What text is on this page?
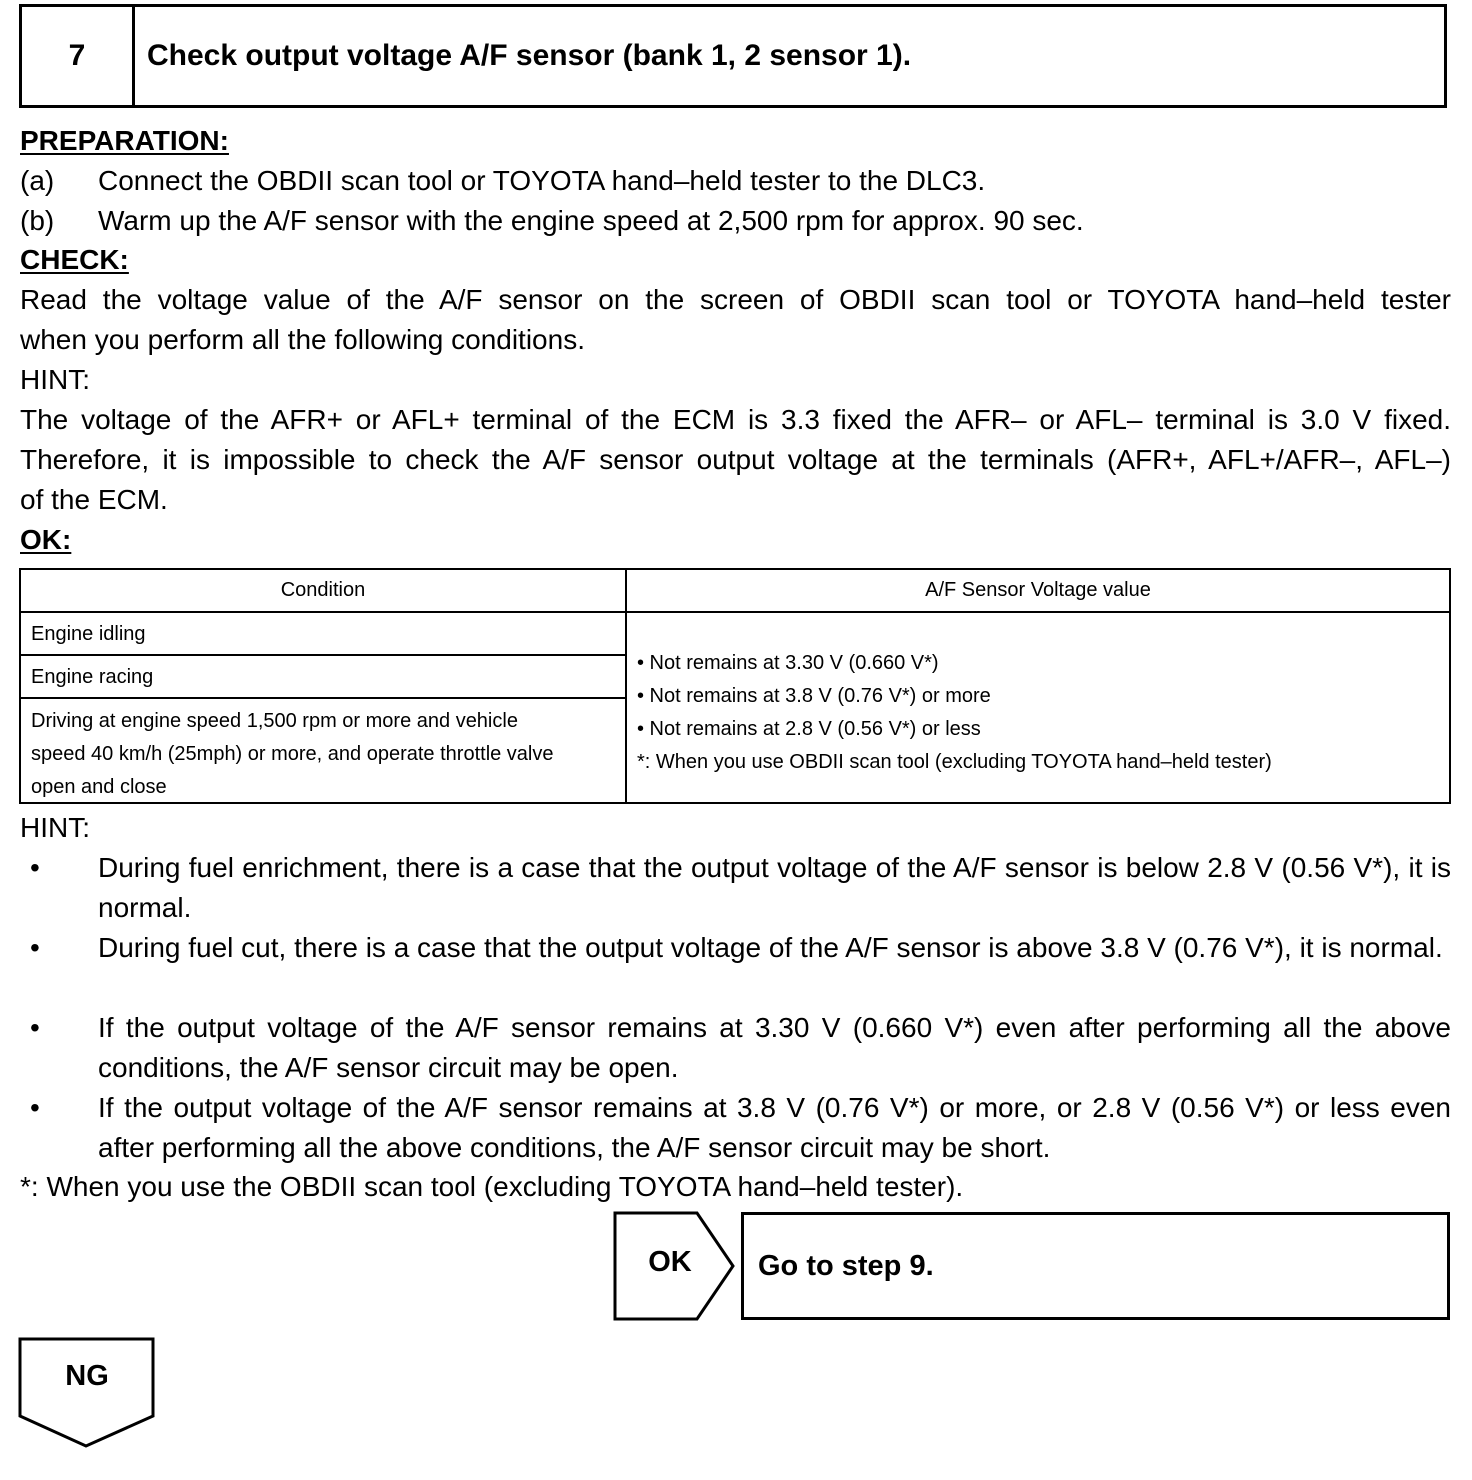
7	Check output voltage A/F sensor (bank 1, 2 sensor 1).
PREPARATION:
(a) Connect the OBDII scan tool or TOYOTA hand–held tester to the DLC3.
(b) Warm up the A/F sensor with the engine speed at 2,500 rpm for approx. 90 sec.
CHECK:
Read the voltage value of the A/F sensor on the screen of OBDII scan tool or TOYOTA hand–held tester
when you perform all the following conditions.
HINT:
The voltage of the AFR+ or AFL+ terminal of the ECM is 3.3 fixed the AFR– or AFL– terminal is 3.0 V fixed.
Therefore, it is impossible to check the A/F sensor output voltage at the terminals (AFR+, AFL+/AFR–, AFL–)
of the ECM.
OK:
Condition	A/F Sensor Voltage value
Engine idling
Engine racing
Driving at engine speed 1,500 rpm or more and vehicle
speed 40 km/h (25mph) or more, and operate throttle valve
open and close
• Not remains at 3.30 V (0.660 V*)
• Not remains at 3.8 V (0.76 V*) or more
• Not remains at 2.8 V (0.56 V*) or less
*: When you use OBDII scan tool (excluding TOYOTA hand–held tester)
HINT:
• During fuel enrichment, there is a case that the output voltage of the A/F sensor is below 2.8 V (0.56 V*), it is normal.
• During fuel cut, there is a case that the output voltage of the A/F sensor is above 3.8 V (0.76 V*), it is normal.
• If the output voltage of the A/F sensor remains at 3.30 V (0.660 V*) even after performing all the above conditions, the A/F sensor circuit may be open.
• If the output voltage of the A/F sensor remains at 3.8 V (0.76 V*) or more, or 2.8 V (0.56 V*) or less even after performing all the above conditions, the A/F sensor circuit may be short.
*: When you use the OBDII scan tool (excluding TOYOTA hand–held tester).
OK	Go to step 9.
NG
